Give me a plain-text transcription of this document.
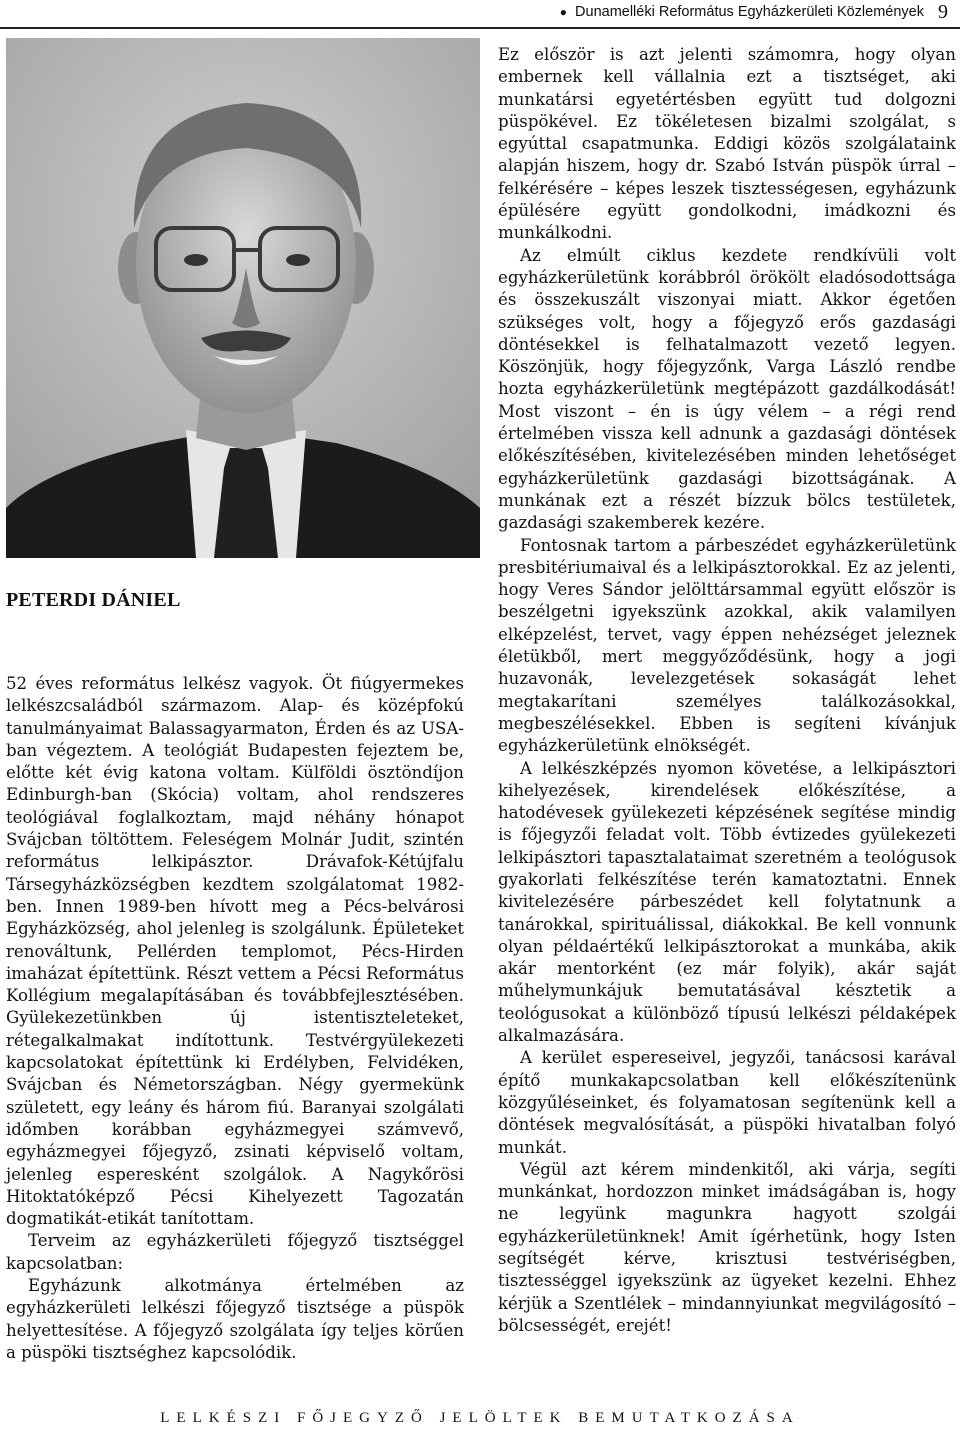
● Dunamelléki Református Egyházkerületi Közlemények 9
PETERDI DÁNIEL

52 éves református lelkész vagyok. Öt fiúgyermekes lelkészcsaládból származom. Alap- és középfokú tanulmányaimat Balassagyarmaton, Érden és az USA-ban végeztem. A teológiát Budapesten fejeztem be, előtte két évig katona voltam. Külföldi ösztöndíjon Edinburgh-ban (Skócia) voltam, ahol rendszeres teológiával foglalkoztam, majd néhány hónapot Svájcban töltöttem. Feleségem Molnár Judit, szintén református lelkipásztor. Drávafok-Kétújfalu Társegyházközségben kezdtem szolgálatomat 1982-ben. Innen 1989-ben hívott meg a Pécs-belvárosi Egyházközség, ahol jelenleg is szolgálunk. Épületeket renováltunk, Pellérden templomot, Pécs-Hirden imaházat építettünk. Részt vettem a Pécsi Református Kollégium megalapításában és továbbfejlesztésében. Gyülekezetünkben új istentiszteleteket, rétegalkalmakat indítottunk. Testvérgyülekezeti kapcsolatokat építettünk ki Erdélyben, Felvidéken, Svájcban és Németországban. Négy gyermekünk született, egy leány és három fiú. Baranyai szolgálati időmben korábban egyházmegyei számvevő, egyházmegyei főjegyző, zsinati képviselő voltam, jelenleg esperesként szolgálok. A Nagykőrösi Hitoktatóképző Pécsi Kihelyezett Tagozatán dogmatikát-etikát tanítottam.

Terveim az egyházkerületi főjegyző tisztséggel kapcsolatban:

Egyházunk alkotmánya értelmében az egyházkerületi lelkészi főjegyző tisztsége a püspök helyettesítése. A főjegyző szolgálata így teljes körűen a püspöki tisztséghez kapcsolódik.

Ez először is azt jelenti számomra, hogy olyan embernek kell vállalnia ezt a tisztséget, aki munkatársi egyetértésben együtt tud dolgozni püspökével. Ez tökéletesen bizalmi szolgálat, s egyúttal csapatmunka. Eddigi közös szolgálataink alapján hiszem, hogy dr. Szabó István püspök úrral – felkérésére – képes leszek tisztességesen, egyházunk épülésére együtt gondolkodni, imádkozni és munkálkodni.

Az elmúlt ciklus kezdete rendkívüli volt egyházkerületünk korábbról örökölt eladósodottsága és összekuszált viszonyai miatt. Akkor égetően szükséges volt, hogy a főjegyző erős gazdasági döntésekkel is felhatalmazott vezető legyen. Köszönjük, hogy főjegyzőnk, Varga László rendbe hozta egyházkerületünk megtépázott gazdálkodását! Most viszont – én is úgy vélem – a régi rend értelmében vissza kell adnunk a gazdasági döntések előkészítésében, kivitelezésében minden lehetőséget egyházkerületünk gazdasági bizottságának. A munkának ezt a részét bízzuk bölcs testületek, gazdasági szakemberek kezére.

Fontosnak tartom a párbeszédet egyházkerületünk presbitériumaival és a lelkipásztorokkal. Ez az jelenti, hogy Veres Sándor jelölttársammal együtt először is beszélgetni igyekszünk azokkal, akik valamilyen elképzelést, tervet, vagy éppen nehézséget jeleznek életükből, mert meggyőződésünk, hogy a jogi huzavonák, levelezgetések sokaságát lehet megtakarítani személyes találkozásokkal, megbeszélésekkel. Ebben is segíteni kívánjuk egyházkerületünk elnökségét.

A lelkészképzés nyomon követése, a lelkipásztori kihelyezések, kirendelések előkészítése, a hatodévesek gyülekezeti képzésének segítése mindig is főjegyzői feladat volt. Több évtizedes gyülekezeti lelkipásztori tapasztalataimat szeretném a teológusok gyakorlati felkészítése terén kamatoztatni. Ennek kivitelezésére párbeszédet kell folytatnunk a tanárokkal, spirituálissal, diákokkal. Be kell vonnunk olyan példaértékű lelkipásztorokat a munkába, akik akár mentorként (ez már folyik), akár saját műhelymunkájuk bemutatásával késztetik a teológusokat a különböző típusú lelkészi példaképek alkalmazására.

A kerület espereseivel, jegyzői, tanácsosi karával építő munkakapcsolatban kell előkészítenünk közgyűléseinket, és folyamatosan segítenünk kell a döntések megvalósítását, a püspöki hivatalban folyó munkát.

Végül azt kérem mindenkitől, aki várja, segíti munkánkat, hordozzon minket imádságában is, hogy ne legyünk magunkra hagyott szolgái egyházkerületünknek! Amit ígérhetünk, hogy Isten segítségét kérve, krisztusi testvériségben, tisztességgel igyekszünk az ügyeket kezelni. Ehhez kérjük a Szentlélek – mindannyiunkat megvilágosító – bölcsességét, erejét!

LELKÉSZI FŐJEGYZŐ JELÖLTEK BEMUTATKOZÁSA
